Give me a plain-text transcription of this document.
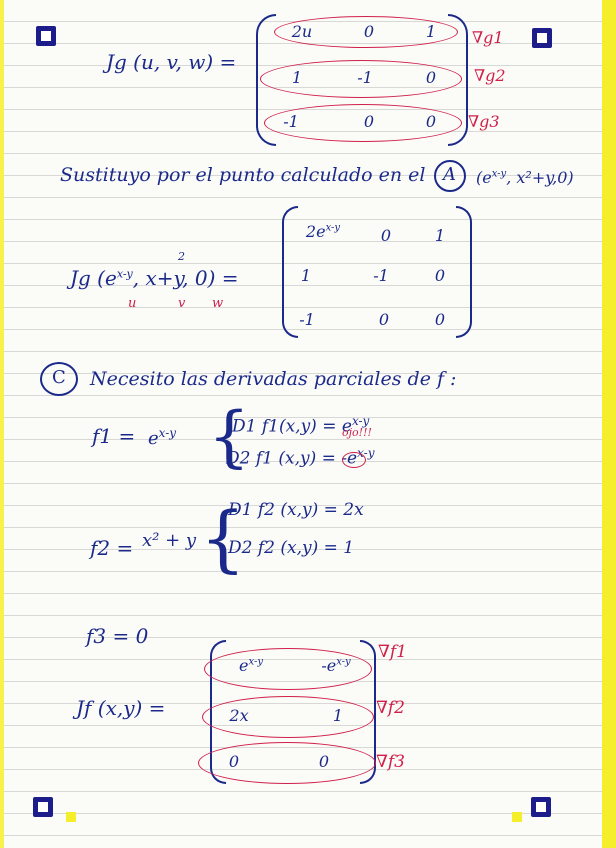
Jg (u, v, w) =
2u	0	1
1	-1	0
-1	0	0
∇g1
∇g2
∇g3
Sustituyo por el punto calculado en el A ($e^{x-y}$, x²+y,0)
Jg ($e^{x-y}$, x+y, 0) =
2
u	v w
$2e^{x-y}$	0	1
1	-1	0
-1	0	0
C Necesito las derivadas parciales de f :
$f1 = e^{x-y}$ {
D1 $f1(x,y) = e^{x-y}$
ojo!!!
D2 f1 $(x,y) = -e^{x-y}$
f2 = x² + y {
D1 f2 (x,y) = 2x
D2 f2 (x,y) = 1
f3 = 0
Jf (x,y) =
$e^{x-y}$	$-e^{x-y}$
2x	1
0	0
∇f1
∇f2
∇f3
